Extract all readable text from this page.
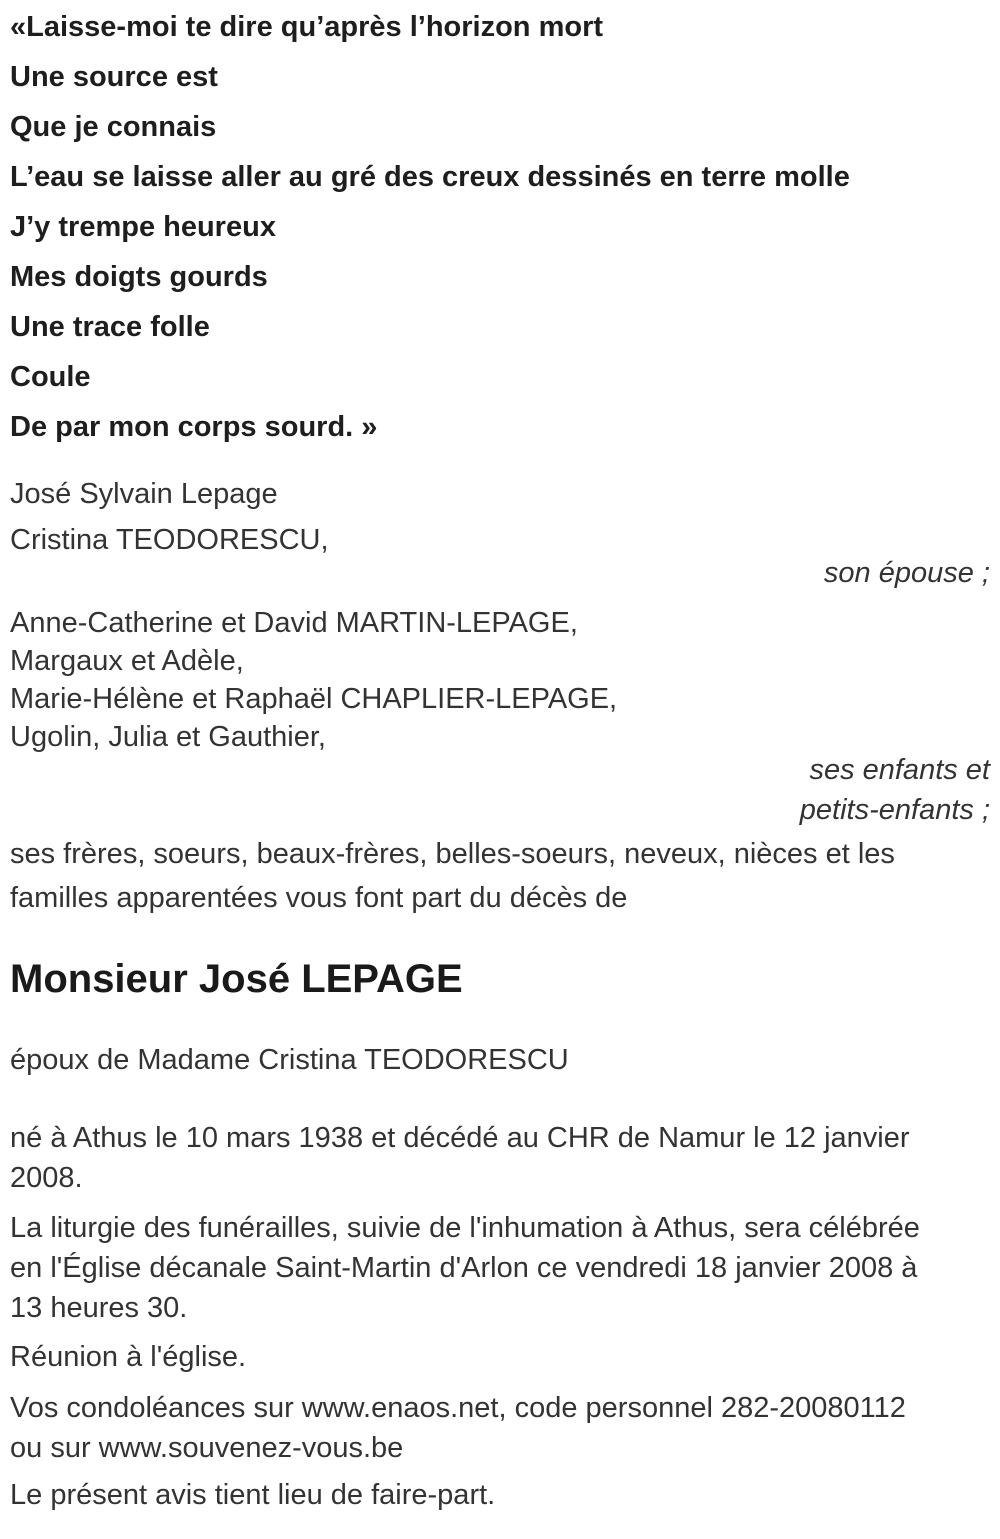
«Laisse-moi te dire qu’après l’horizon mort

Une source est

Que je connais

L’eau se laisse aller au gré des creux dessinés en terre molle

J’y trempe heureux

Mes doigts gourds

Une trace folle

Coule

De par mon corps sourd. »

José Sylvain Lepage

Cristina TEODORESCU,

son épouse ;

Anne-Catherine et David MARTIN-LEPAGE,

Margaux et Adèle,

Marie-Hélène et Raphaël CHAPLIER-LEPAGE,

Ugolin, Julia et Gauthier,

ses enfants et

petits-enfants ;

ses frères, soeurs, beaux-frères, belles-soeurs, neveux, nièces et les familles apparentées vous font part du décès de

Monsieur José LEPAGE

époux de Madame Cristina TEODORESCU

né à Athus le 10 mars 1938 et décédé au CHR de Namur le 12 janvier 2008.

La liturgie des funérailles, suivie de l'inhumation à Athus, sera célébrée en l'Église décanale Saint-Martin d'Arlon ce vendredi 18 janvier 2008 à 13 heures 30.

Réunion à l'église.

Vos condoléances sur www.enaos.net, code personnel 282-20080112 ou sur www.souvenez-vous.be

Le présent avis tient lieu de faire-part.
